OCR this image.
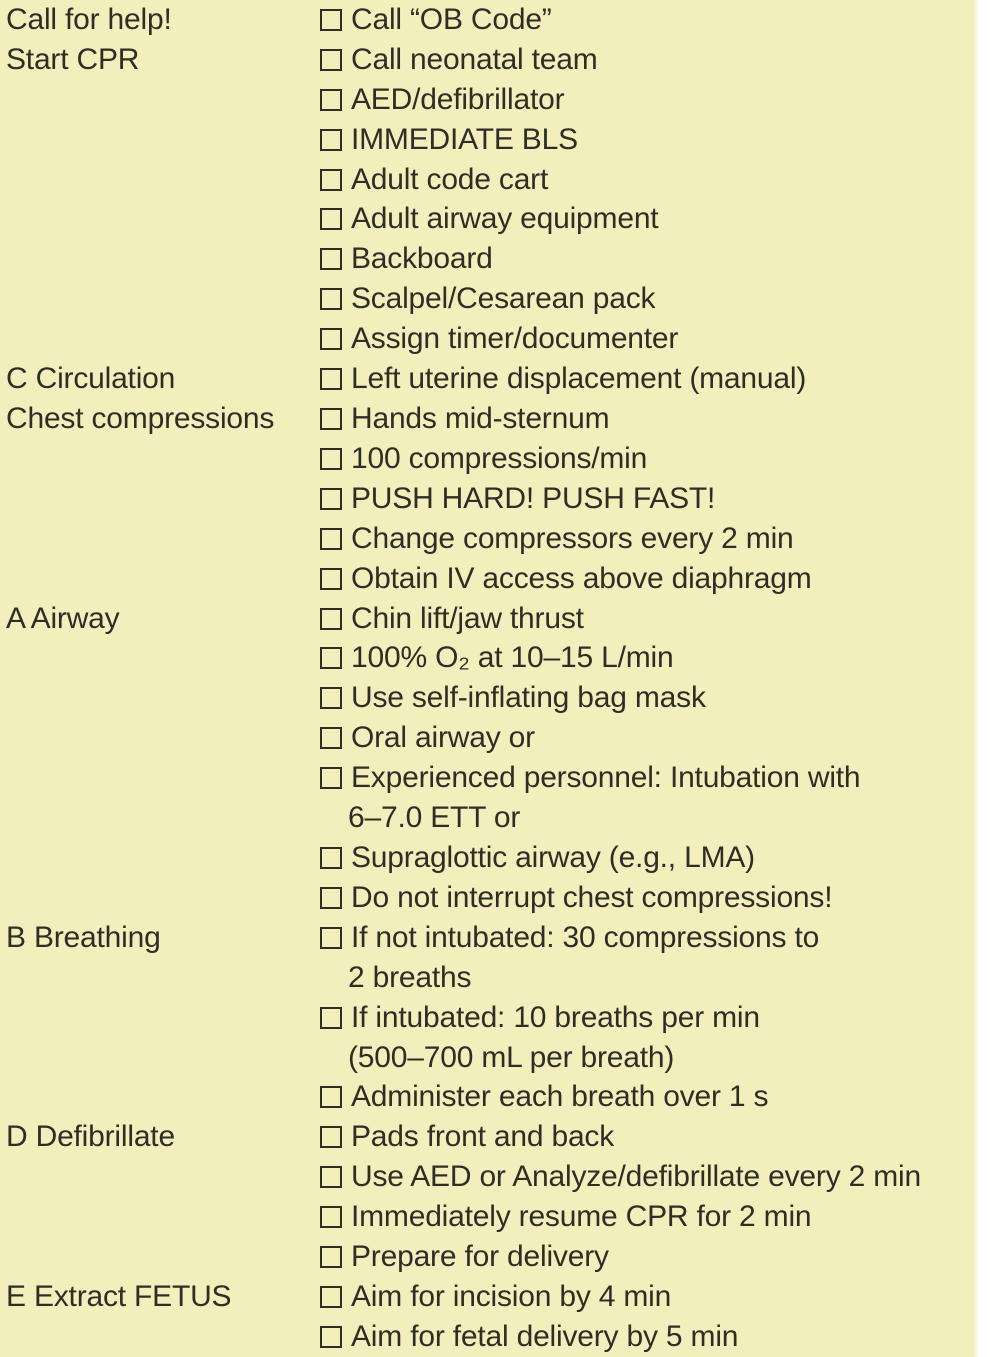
Call for help!	Call “OB Code”
Start CPR	Call neonatal team
AED/defibrillator
IMMEDIATE BLS
Adult code cart
Adult airway equipment
Backboard
Scalpel/Cesarean pack
Assign timer/documenter
C Circulation	Left uterine displacement (manual)
Chest compressions	Hands mid-sternum
100 compressions/min
PUSH HARD! PUSH FAST!
Change compressors every 2 min
Obtain IV access above diaphragm
A Airway	Chin lift/jaw thrust
100% O₂ at 10–15 L/min
Use self-inflating bag mask
Oral airway or
Experienced personnel: Intubation with
6–7.0 ETT or
Supraglottic airway (e.g., LMA)
Do not interrupt chest compressions!
B Breathing	If not intubated: 30 compressions to
2 breaths
If intubated: 10 breaths per min
(500–700 mL per breath)
Administer each breath over 1 s
D Defibrillate	Pads front and back
Use AED or Analyze/defibrillate every 2 min
Immediately resume CPR for 2 min
Prepare for delivery
E Extract FETUS	Aim for incision by 4 min
Aim for fetal delivery by 5 min
